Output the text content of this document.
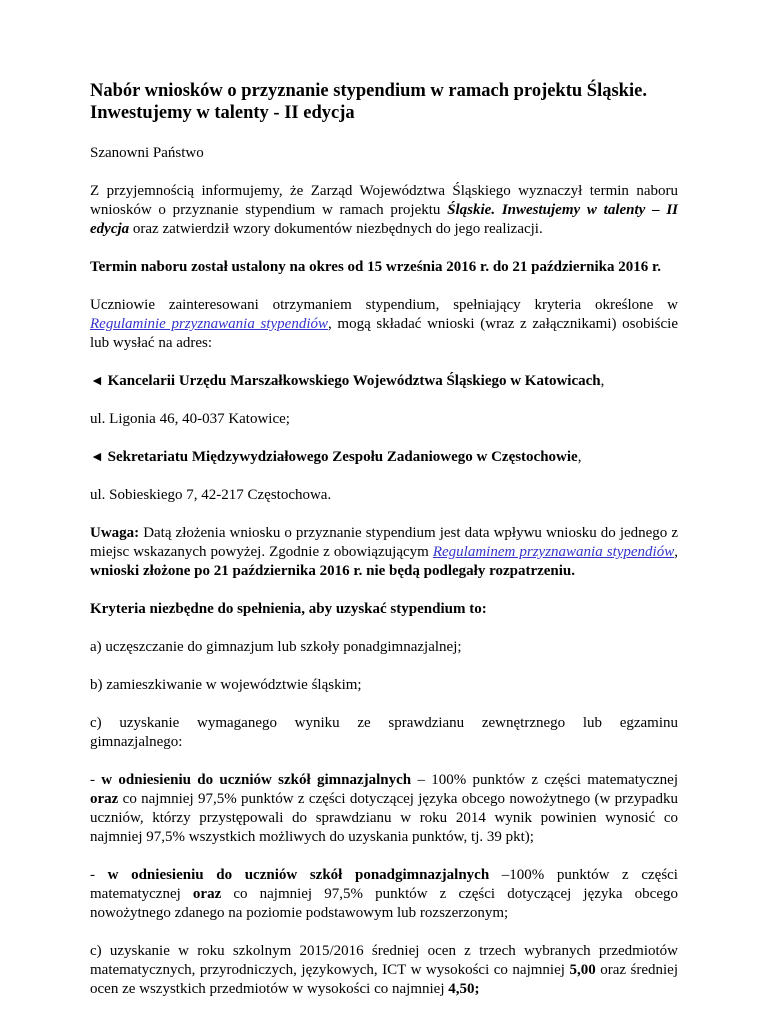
Nabór wniosków o przyznanie stypendium w ramach projektu Śląskie. Inwestujemy w talenty - II edycja

Szanowni Państwo

Z przyjemnością informujemy, że Zarząd Województwa Śląskiego wyznaczył termin naboru wniosków o przyznanie stypendium w ramach projektu Śląskie. Inwestujemy w talenty – II edycja oraz zatwierdził wzory dokumentów niezbędnych do jego realizacji.

Termin naboru został ustalony na okres od 15 września 2016 r. do 21 października 2016 r.

Uczniowie zainteresowani otrzymaniem stypendium, spełniający kryteria określone w Regulaminie przyznawania stypendiów, mogą składać wnioski (wraz z załącznikami) osobiście lub wysłać na adres:

◄ Kancelarii Urzędu Marszałkowskiego Województwa Śląskiego w Katowicach,

ul. Ligonia 46, 40-037 Katowice;

◄ Sekretariatu Międzywydziałowego Zespołu Zadaniowego w Częstochowie,

ul. Sobieskiego 7, 42-217 Częstochowa.

Uwaga: Datą złożenia wniosku o przyznanie stypendium jest data wpływu wniosku do jednego z miejsc wskazanych powyżej. Zgodnie z obowiązującym Regulaminem przyznawania stypendiów, wnioski złożone po 21 października 2016 r. nie będą podlegały rozpatrzeniu.

Kryteria niezbędne do spełnienia, aby uzyskać stypendium to:

a) uczęszczanie do gimnazjum lub szkoły ponadgimnazjalnej;

b) zamieszkiwanie w województwie śląskim;

c) uzyskanie wymaganego wyniku ze sprawdzianu zewnętrznego lub egzaminu
gimnazjalnego:

- w odniesieniu do uczniów szkół gimnazjalnych – 100% punktów z części matematycznej oraz co najmniej 97,5% punktów z części dotyczącej języka obcego nowożytnego (w przypadku uczniów, którzy przystępowali do sprawdzianu w roku 2014 wynik powinien wynosić co najmniej 97,5% wszystkich możliwych do uzyskania punktów, tj. 39 pkt);

- w odniesieniu do uczniów szkół ponadgimnazjalnych –100% punktów z części matematycznej oraz co najmniej 97,5% punktów z części dotyczącej języka obcego nowożytnego zdanego na poziomie podstawowym lub rozszerzonym;

c) uzyskanie w roku szkolnym 2015/2016 średniej ocen z trzech wybranych przedmiotów matematycznych, przyrodniczych, językowych, ICT w wysokości co najmniej 5,00 oraz średniej ocen ze wszystkich przedmiotów w wysokości co najmniej 4,50;
